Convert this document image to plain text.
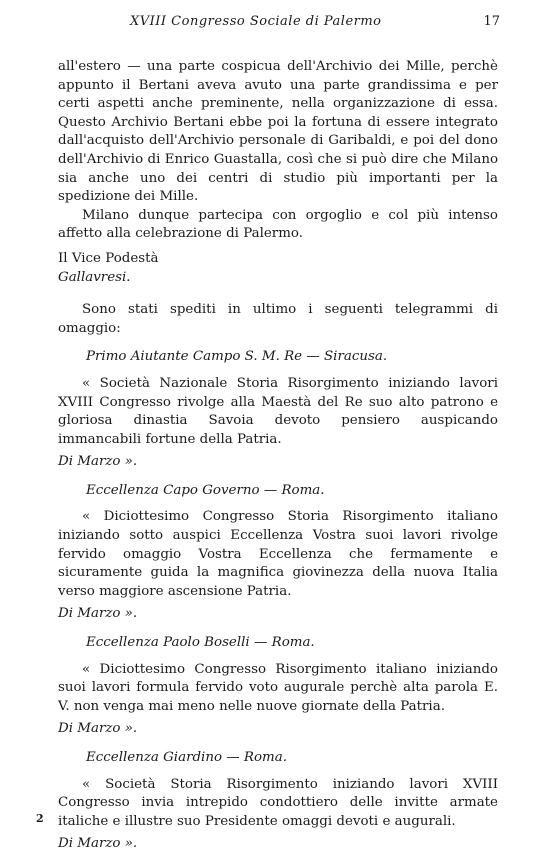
XVIII Congresso Sociale di Palermo	17

all'estero — una parte cospicua dell'Archivio dei Mille, perchè appunto il Bertani aveva avuto una parte grandissima e per certi aspetti anche preminente, nella organizzazione di essa. Questo Archivio Bertani ebbe poi la fortuna di essere integrato dall'acquisto dell'Archivio personale di Garibaldi, e poi del dono dell'Archivio di Enrico Guastalla, così che si può dire che Milano sia anche uno dei centri di studio più importanti per la spedizione dei Mille.

Milano dunque partecipa con orgoglio e col più intenso affetto alla celebrazione di Palermo.

Il Vice Podestà

Gallavresi.

Sono stati spediti in ultimo i seguenti telegrammi di omaggio:

Primo Aiutante Campo S. M. Re — Siracusa.

« Società Nazionale Storia Risorgimento iniziando lavori XVIII Congresso rivolge alla Maestà del Re suo alto patrono e gloriosa dinastia Savoia devoto pensiero auspicando immancabili fortune della Patria.

Di Marzo ».

Eccellenza Capo Governo — Roma.

« Diciottesimo Congresso Storia Risorgimento italiano iniziando sotto auspici Eccellenza Vostra suoi lavori rivolge fervido omaggio Vostra Eccellenza che fermamente e sicuramente guida la magnifica giovinezza della nuova Italia verso maggiore ascensione Patria.

Di Marzo ».

Eccellenza Paolo Boselli — Roma.

« Diciottesimo Congresso Risorgimento italiano iniziando suoi lavori formula fervido voto augurale perchè alta parola E. V. non venga mai meno nelle nuove giornate della Patria.

Di Marzo ».

Eccellenza Giardino — Roma.

« Società Storia Risorgimento iniziando lavori XVIII Congresso invia intrepido condottiero delle invitte armate italiche e illustre suo Presidente omaggi devoti e augurali.

Di Marzo ».

2
